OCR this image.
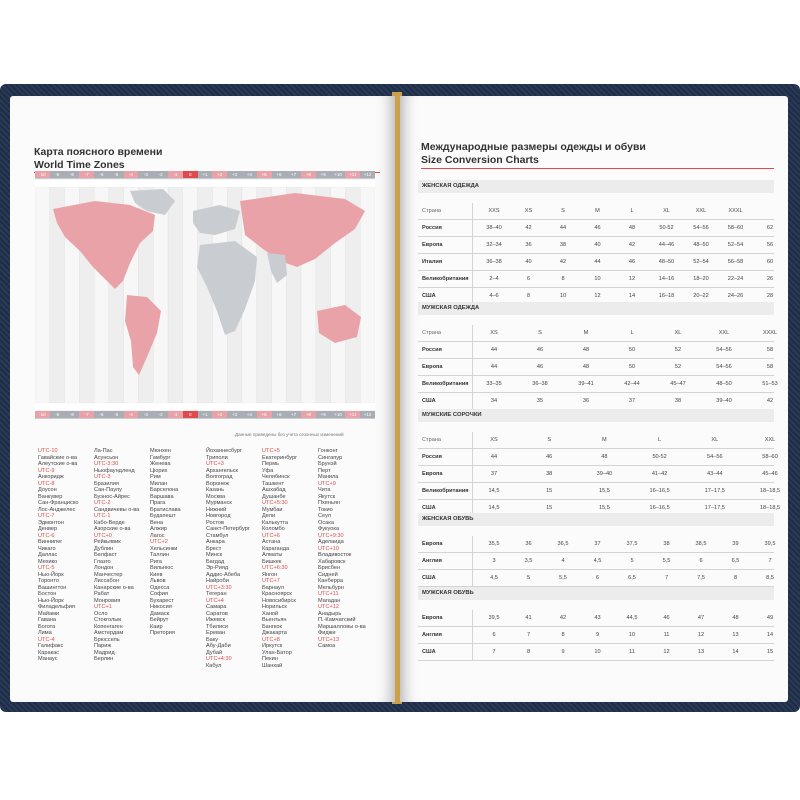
Карта поясного времени
World Time Zones
-10	-9	-8	-7	-6	-5	-4	-3	-2	-1	0	+1	+2	+3	+4	+5	+6	+7	+8	+9	+10	+11	+12
-10	-9	-8	-7	-6	-5	-4	-3	-2	-1	0	+1	+2	+3	+4	+5	+6	+7	+8	+9	+10	+11	+12
Данные приведены без учета сезонных изменений
UTC-10
Гавайские о-ва
Алеутские о-ва
UTC-9
Анкоридж
UTC-8
Доусон
Ванкувер
Сан-Франциско
Лос-Анджелес
UTC-7
Эдмонтон
Денвер
UTC-6
Виннипег
Чикаго
Даллас
Мехико
UTC-5
Нью-Йорк
Торонто
Вашингтон
Бостон
Нью-Йорк
Филадельфия
Майами
Гавана
Богота
Лима
UTC-4
Галифакс
Каракас
Манаус
Ла-Пас
Асунсьон
UTC-3:30
Ньюфаундленд
UTC-3
Бразилия
Сан-Паулу
Буэнос-Айрес
UTC-2
Сандвичевы о-ва
UTC-1
Кабо-Верде
Азорские о-ва
UTC+0
Рейкьявик
Дублин
Белфаст
Глазго
Лондон
Манчестер
Лиссабон
Канарские о-ва
Рабат
Монровия
UTC+1
Осло
Стокгольм
Копенгаген
Амстердам
Брюссель
Париж
Мадрид
Берлин
Мюнхен
Гамбург
Женева
Цюрих
Рим
Милан
Барселона
Варшава
Прага
Братислава
Будапешт
Вена
Алжир
Лагос
UTC+2
Хельсинки
Таллин
Рига
Вильнюс
Киев
Львов
Одесса
София
Бухарест
Никосия
Дамаск
Бейрут
Каир
Претория
Йоханнесбург
Триполи
UTC+3
Архангельск
Волгоград
Воронеж
Казань
Москва
Мурманск
Нижний
Новгород
Ростов
Санкт-Петербург
Стамбул
Анкара
Брест
Минск
Багдад
Эр-Рияд
Аддис-Абеба
Найроби
UTC+3:30
Тегеран
UTC+4
Самара
Саратов
Ижевск
Тбилиси
Ереван
Баку
Абу-Даби
Дубай
UTC+4:30
Кабул
UTC+5
Екатеринбург
Пермь
Уфа
Челябинск
Ташкент
Ашхабад
Душанбе
UTC+5:30
Мумбаи
Дели
Калькутта
Коломбо
UTC+6
Астана
Караганда
Алматы
Бишкек
UTC+6:30
Янгон
UTC+7
Барнаул
Красноярск
Новосибирск
Норильск
Ханой
Вьентьян
Бангкок
Джакарта
UTC+8
Иркутск
Улан-Батор
Пекин
Шанхай
Гонконг
Сингапур
Брунэй
Перт
Манила
UTC+9
Чита
Якутск
Пхеньян
Токио
Сеул
Осака
Фукуока
UTC+9:30
Аделаида
UTC+10
Владивосток
Хабаровск
Брисбен
Сидней
Канберра
Мельбурн
UTC+11
Магадан
UTC+12
Анадырь
П.-Камчатский
Маршалловы о-ва
Фиджи
UTC+13
Самоа
Международные размеры одежды и обуви
Size Conversion Charts
ЖЕНСКАЯ ОДЕЖДА
Страна	XXS	XS	S	M	L	XL	XXL	XXXL
Россия	38–40	42	44	46	48	50-52	54–56	58–60	62
Европа	32–34	36	38	40	42	44–46	48–50	52–54	56
Италия	36–38	40	42	44	46	48–50	52–54	56–58	60
Великобритания	2–4	6	8	10	12	14–16	18–20	22–24	26
США	4–6	8	10	12	14	16–18	20–22	24–26	28
МУЖСКАЯ ОДЕЖДА
Страна	XS	S	M	L	XL	XXL	XXXL
Россия	44	46	48	50	52	54–56	58
Европа	44	46	48	50	52	54–56	58
Великобритания	33–35	36–38	39–41	42–44	45–47	48–50	51–53
США	34	35	36	37	38	39–40	42
МУЖСКИЕ СОРОЧКИ
Страна	XS	S	M	L	XL	XXL
Россия	44	46	48	50-52	54–56	58–60
Европа	37	38	39–40	41–42	43–44	45–46
Великобритания	14,5	15	15,5	16–16,5	17–17,5	18–18,5
США	14,5	15	15,5	16–16,5	17–17,5	18–18,5
ЖЕНСКАЯ ОБУВЬ
Европа	35,5	36	36,5	37	37,5	38	38,5	39	39,5
Англия	3	3,5	4	4,5	5	5,5	6	6,5	7
США	4,5	5	5,5	6	6,5	7	7,5	8	8,5
МУЖСКАЯ ОБУВЬ
Европа	39,5	41	42	43	44,5	46	47	48	49
Англия	6	7	8	9	10	11	12	13	14
США	7	8	9	10	11	12	13	14	15
